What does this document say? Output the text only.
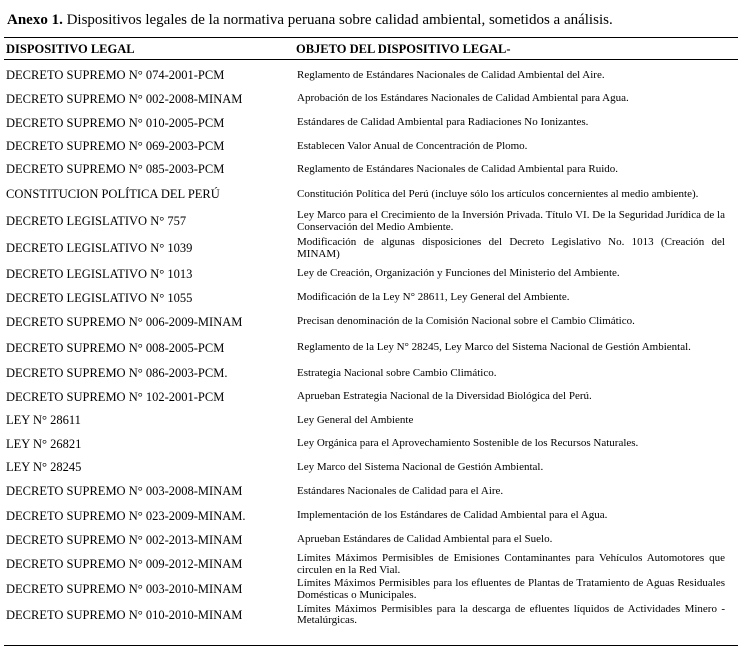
Anexo 1. Dispositivos legales de la normativa peruana sobre calidad ambiental, sometidos a análisis.
DISPOSITIVO LEGAL	OBJETO DEL DISPOSITIVO LEGAL-
DECRETO SUPREMO N° 074-2001-PCM	Reglamento de Estándares Nacionales de Calidad Ambiental del Aire.
DECRETO SUPREMO N° 002-2008-MINAM	Aprobación de los Estándares Nacionales de Calidad Ambiental para Agua.
DECRETO SUPREMO N° 010-2005-PCM	Estándares de Calidad Ambiental para Radiaciones No Ionizantes.
DECRETO SUPREMO N° 069-2003-PCM	Establecen Valor Anual de Concentración de Plomo.
DECRETO SUPREMO N° 085-2003-PCM	Reglamento de Estándares Nacionales de Calidad Ambiental para Ruido.
CONSTITUCION POLÍTICA DEL PERÚ	Constitución Política del Perú (incluye sólo los artículos concernientes al medio ambiente).
DECRETO LEGISLATIVO N° 757	Ley Marco para el Crecimiento de la Inversión Privada. Título VI. De la Seguridad Jurídica de la Conservación del Medio Ambiente.
DECRETO LEGISLATIVO N° 1039	Modificación de algunas disposiciones del Decreto Legislativo No. 1013 (Creación del MINAM)
DECRETO LEGISLATIVO N° 1013	Ley de Creación, Organización y Funciones del Ministerio del Ambiente.
DECRETO LEGISLATIVO N° 1055	Modificación de la Ley N° 28611, Ley General del Ambiente.
DECRETO SUPREMO N° 006-2009-MINAM	Precisan denominación de la Comisión Nacional sobre el Cambio Climático.
DECRETO SUPREMO N° 008-2005-PCM	Reglamento de la Ley N° 28245, Ley Marco del Sistema Nacional de Gestión Ambiental.
DECRETO SUPREMO N° 086-2003-PCM.	Estrategia Nacional sobre Cambio Climático.
DECRETO SUPREMO N° 102-2001-PCM	Aprueban Estrategia Nacional de la Diversidad Biológica del Perú.
LEY N° 28611	Ley General del Ambiente
LEY N° 26821	Ley Orgánica para el Aprovechamiento Sostenible de los Recursos Naturales.
LEY N° 28245	Ley Marco del Sistema Nacional de Gestión Ambiental.
DECRETO SUPREMO N° 003-2008-MINAM	Estándares Nacionales de Calidad para el Aire.
DECRETO SUPREMO N° 023-2009-MINAM.	Implementación de los Estándares de Calidad Ambiental para el Agua.
DECRETO SUPREMO N° 002-2013-MINAM	Aprueban Estándares de Calidad Ambiental para el Suelo.
DECRETO SUPREMO N° 009-2012-MINAM	Límites Máximos Permisibles de Emisiones Contaminantes para Vehículos Automotores que circulen en la Red Vial.
DECRETO SUPREMO N° 003-2010-MINAM	Límites Máximos Permisibles para los efluentes de Plantas de Tratamiento de Aguas Residuales Domésticas o Municipales.
DECRETO SUPREMO N° 010-2010-MINAM	Límites Máximos Permisibles para la descarga de efluentes líquidos de Actividades Minero - Metalúrgicas.
